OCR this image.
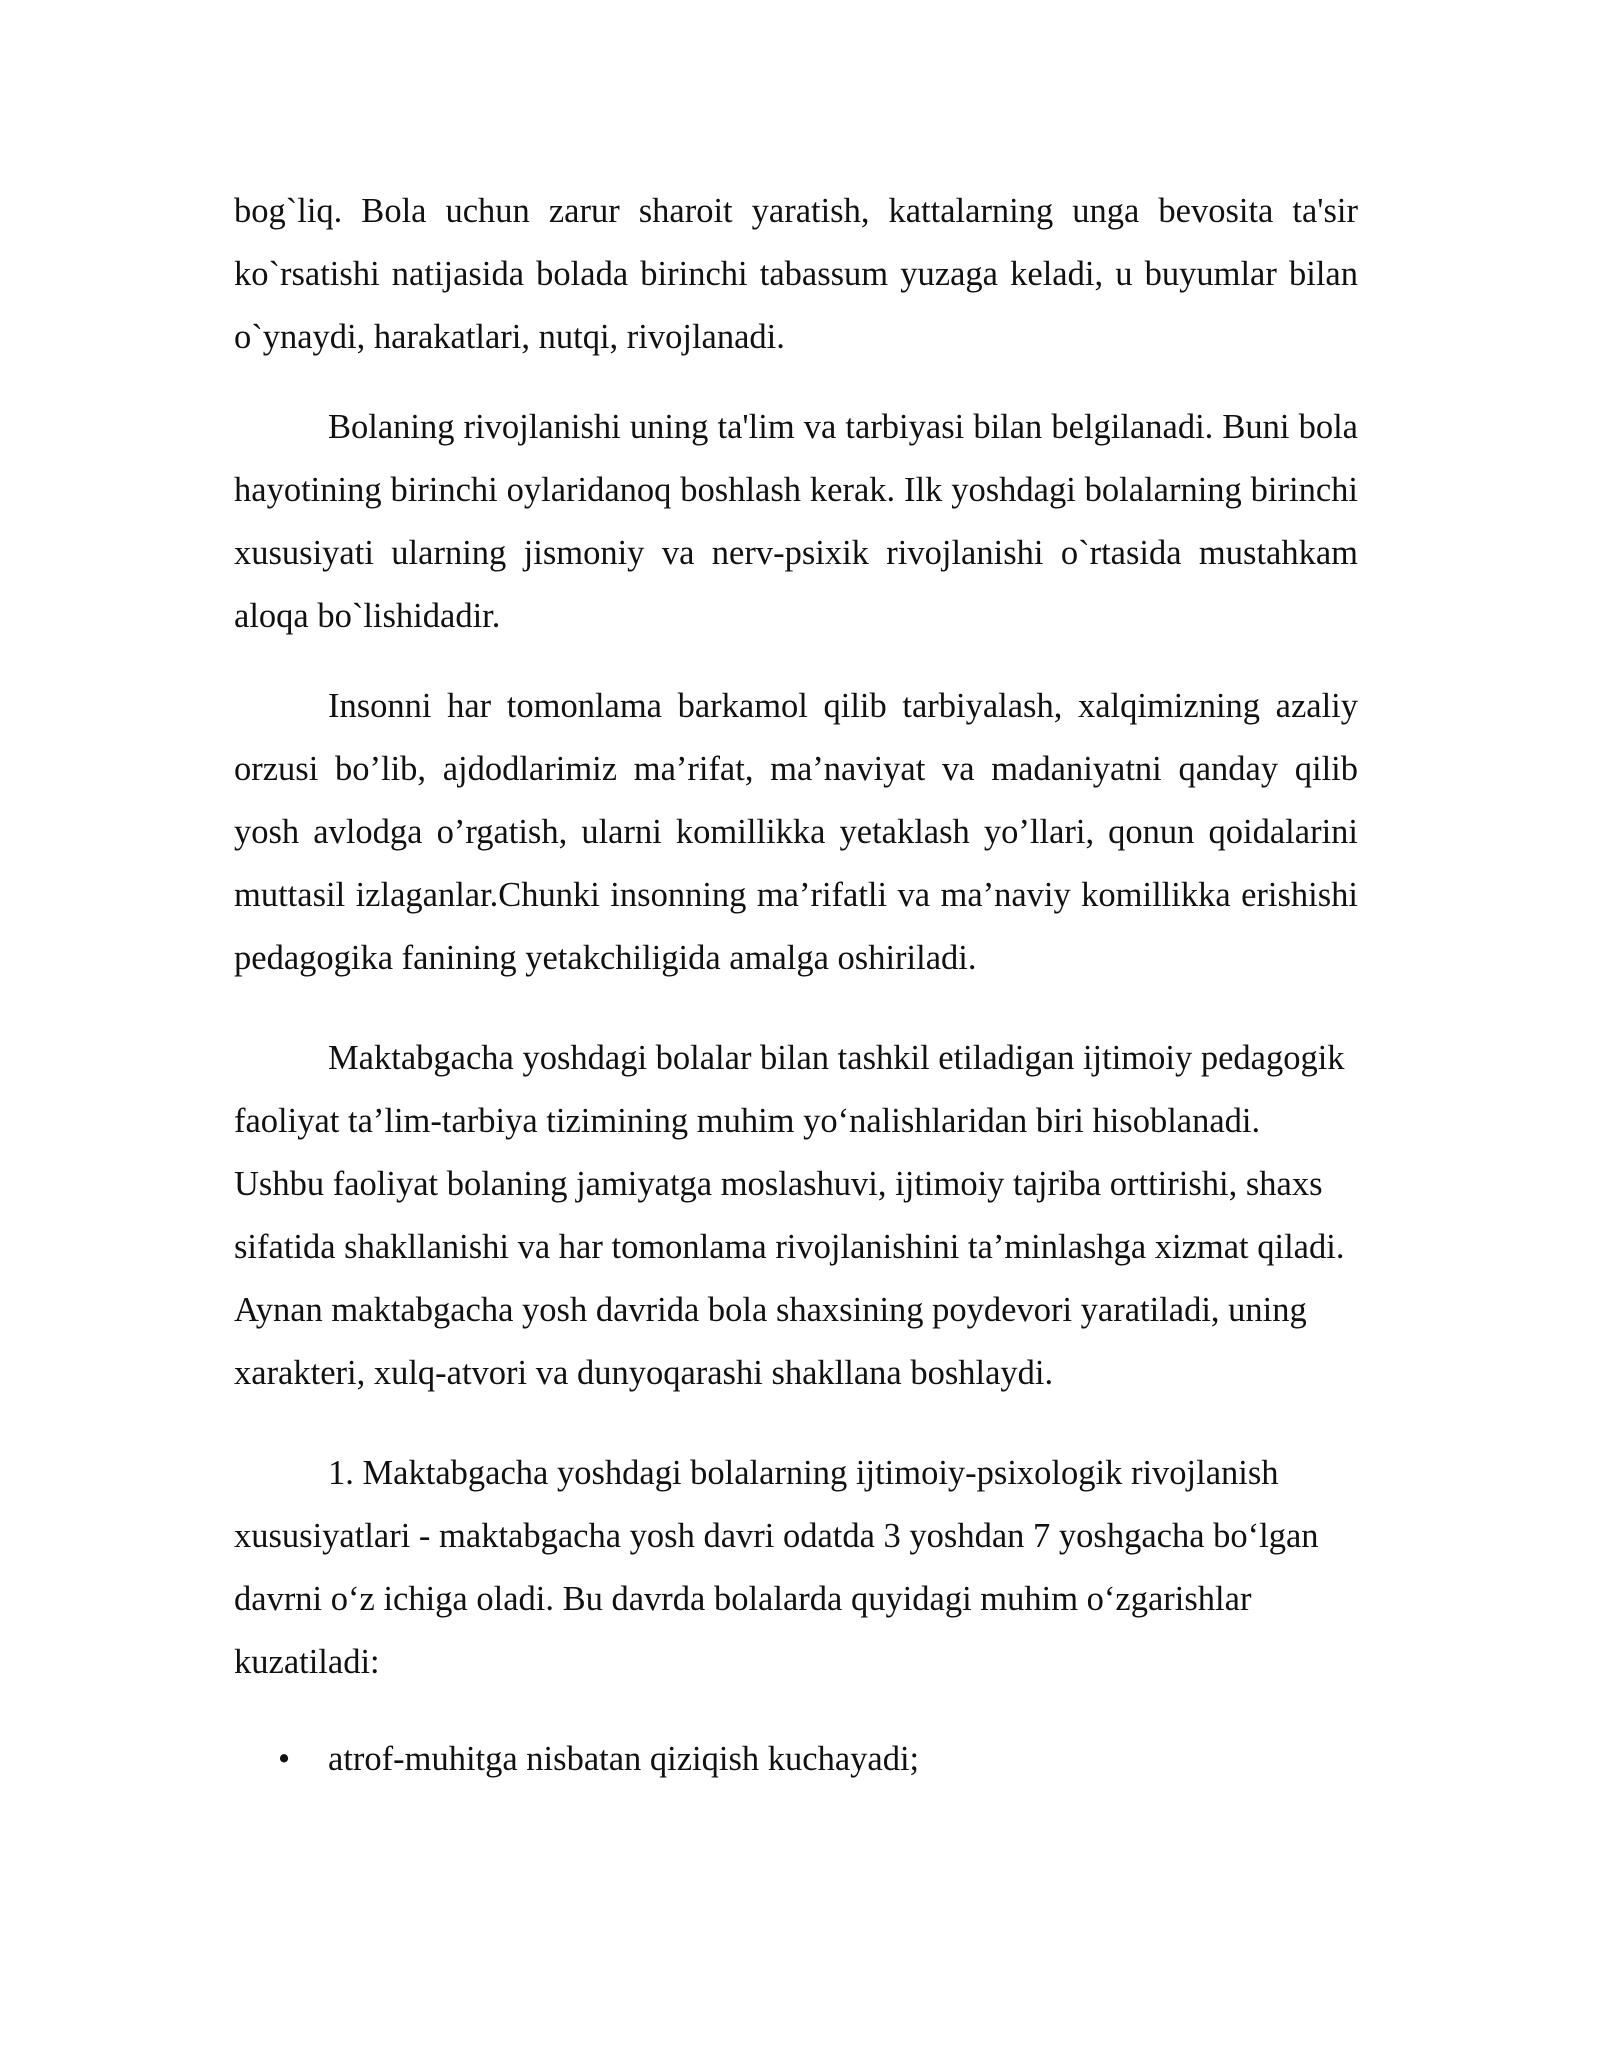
bog`liq. Bola uchun zarur sharoit yaratish, kattalarning unga bevosita ta'sir ko`rsatishi natijasida bolada birinchi tabassum yuzaga keladi, u buyumlar bilan o`ynaydi, harakatlari, nutqi, rivojlanadi.

Bolaning rivojlanishi uning ta'lim va tarbiyasi bilan belgilanadi. Buni bola hayotining birinchi oylaridanoq boshlash kerak. Ilk yoshdagi bolalarning birinchi xususiyati ularning jismoniy va nerv-psixik rivojlanishi o`rtasida mustahkam aloqa bo`lishidadir.

Insonni har tomonlama barkamol qilib tarbiyalash, xalqimizning azaliy orzusi bo’lib, ajdodlarimiz ma’rifat, ma’naviyat va madaniyatni qanday qilib yosh avlodga o’rgatish, ularni komillikka yetaklash yo’llari, qonun qoidalarini muttasil izlaganlar.Chunki insonning ma’rifatli va ma’naviy komillikka erishishi pedagogika fanining yetakchiligida amalga oshiriladi.

Maktabgacha yoshdagi bolalar bilan tashkil etiladigan ijtimoiy pedagogik faoliyat ta’lim-tarbiya tizimining muhim yo‘nalishlaridan biri hisoblanadi. Ushbu faoliyat bolaning jamiyatga moslashuvi, ijtimoiy tajriba orttirishi, shaxs sifatida shakllanishi va har tomonlama rivojlanishini ta’minlashga xizmat qiladi. Aynan maktabgacha yosh davrida bola shaxsining poydevori yaratiladi, uning xarakteri, xulq-atvori va dunyoqarashi shakllana boshlaydi.

1. Maktabgacha yoshdagi bolalarning ijtimoiy-psixologik rivojlanish xususiyatlari - maktabgacha yosh davri odatda 3 yoshdan 7 yoshgacha bo‘lgan davrni o‘z ichiga oladi. Bu davrda bolalarda quyidagi muhim o‘zgarishlar kuzatiladi:

• atrof-muhitga nisbatan qiziqish kuchayadi;
